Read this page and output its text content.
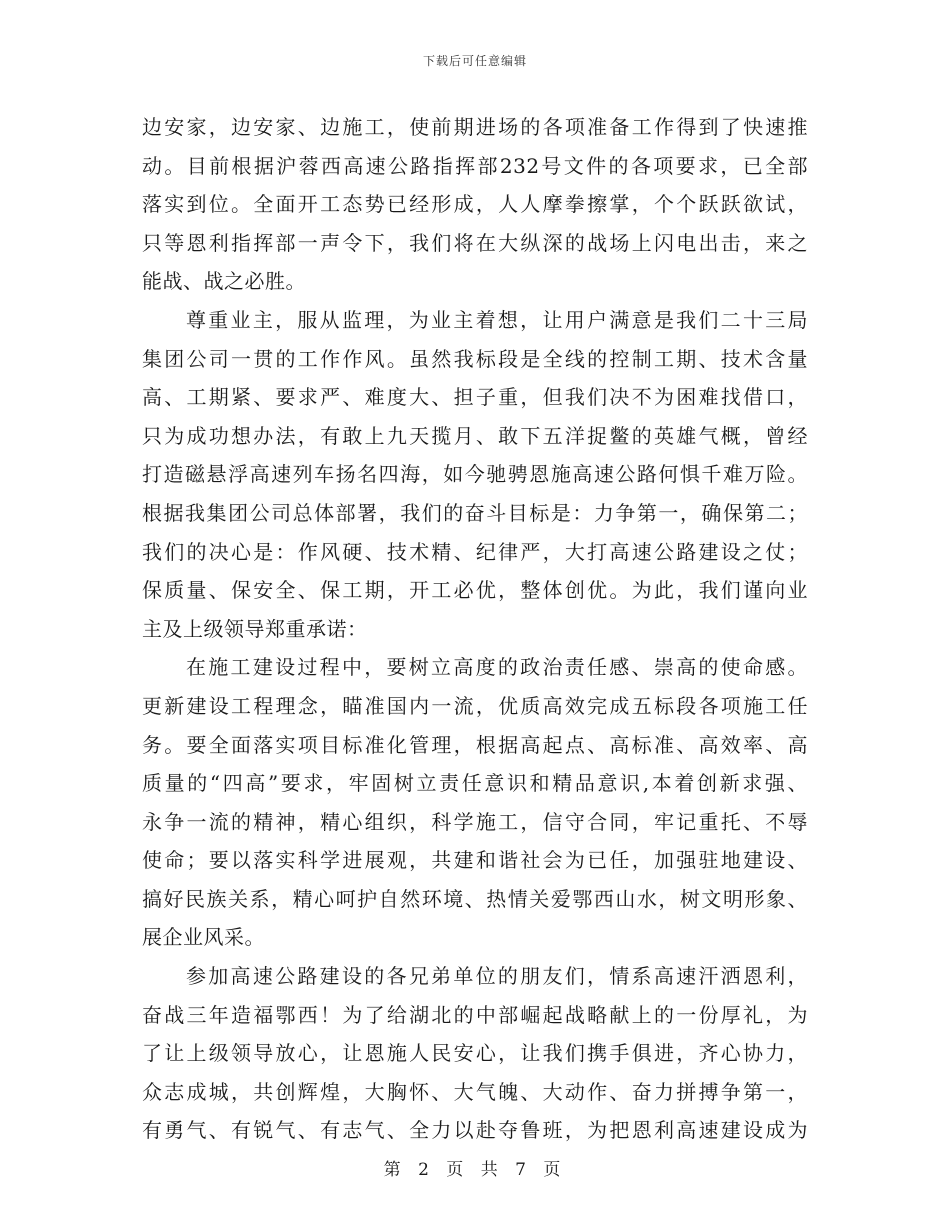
下载后可任意编辑
边安家，边安家、边施工，使前期进场的各项准备工作得到了快速推
动。目前根据沪蓉西高速公路指挥部232号文件的各项要求，已全部
落实到位。全面开工态势已经形成，人人摩拳擦掌，个个跃跃欲试，
只等恩利指挥部一声令下，我们将在大纵深的战场上闪电出击，来之
能战、战之必胜。
尊重业主，服从监理，为业主着想，让用户满意是我们二十三局
集团公司一贯的工作作风。虽然我标段是全线的控制工期、技术含量
高、工期紧、要求严、难度大、担子重，但我们决不为困难找借口，
只为成功想办法，有敢上九天揽月、敢下五洋捉鳖的英雄气概，曾经
打造磁悬浮高速列车扬名四海，如今驰骋恩施高速公路何惧千难万险。
根据我集团公司总体部署，我们的奋斗目标是：力争第一，确保第二；
我们的决心是：作风硬、技术精、纪律严，大打高速公路建设之仗；
保质量、保安全、保工期，开工必优，整体创优。为此，我们谨向业
主及上级领导郑重承诺：
在施工建设过程中，要树立高度的政治责任感、崇高的使命感。
更新建设工程理念，瞄准国内一流，优质高效完成五标段各项施工任
务。要全面落实项目标准化管理，根据高起点、高标准、高效率、高
质量的“四高”要求，牢固树立责任意识和精品意识,本着创新求强、
永争一流的精神，精心组织，科学施工，信守合同，牢记重托、不辱
使命；要以落实科学进展观，共建和谐社会为已任，加强驻地建设、
搞好民族关系，精心呵护自然环境、热情关爱鄂西山水，树文明形象、
展企业风采。
参加高速公路建设的各兄弟单位的朋友们，情系高速汗洒恩利，
奋战三年造福鄂西！为了给湖北的中部崛起战略献上的一份厚礼，为
了让上级领导放心，让恩施人民安心，让我们携手俱进，齐心协力，
众志成城，共创辉煌，大胸怀、大气魄、大动作、奋力拼搏争第一，
有勇气、有锐气、有志气、全力以赴夺鲁班，为把恩利高速建设成为
第 2 页 共 7 页
